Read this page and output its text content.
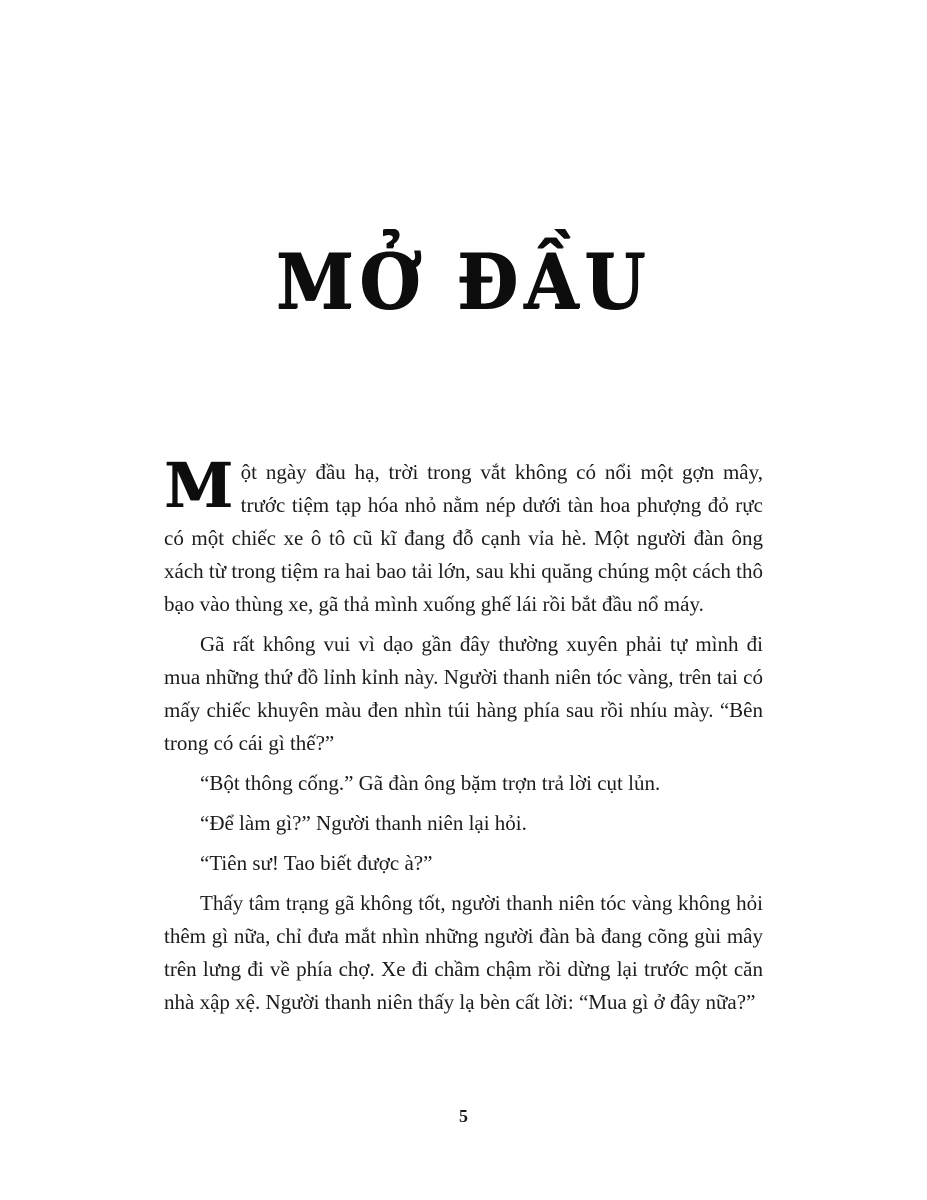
MỞ ĐẦU

Một ngày đầu hạ, trời trong vắt không có nổi một gợn mây, trước tiệm tạp hóa nhỏ nằm nép dưới tàn hoa phượng đỏ rực có một chiếc xe ô tô cũ kĩ đang đỗ cạnh vỉa hè. Một người đàn ông xách từ trong tiệm ra hai bao tải lớn, sau khi quăng chúng một cách thô bạo vào thùng xe, gã thả mình xuống ghế lái rồi bắt đầu nổ máy.

Gã rất không vui vì dạo gần đây thường xuyên phải tự mình đi mua những thứ đồ lỉnh kỉnh này. Người thanh niên tóc vàng, trên tai có mấy chiếc khuyên màu đen nhìn túi hàng phía sau rồi nhíu mày. “Bên trong có cái gì thế?”

“Bột thông cống.” Gã đàn ông bặm trợn trả lời cụt lủn.

“Để làm gì?” Người thanh niên lại hỏi.

“Tiên sư! Tao biết được à?”

Thấy tâm trạng gã không tốt, người thanh niên tóc vàng không hỏi thêm gì nữa, chỉ đưa mắt nhìn những người đàn bà đang cõng gùi mây trên lưng đi về phía chợ. Xe đi chầm chậm rồi dừng lại trước một căn nhà xập xệ. Người thanh niên thấy lạ bèn cất lời: “Mua gì ở đây nữa?”

5
